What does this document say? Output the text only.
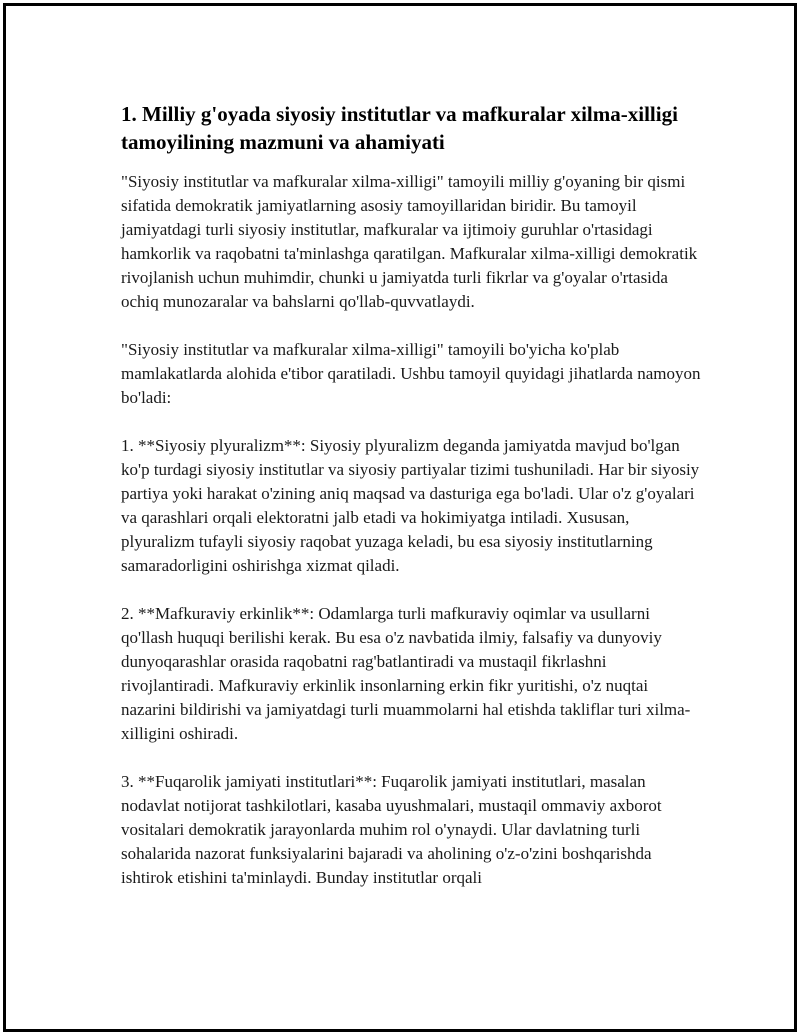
1. Milliy g'oyada siyosiy institutlar va mafkuralar xilma-xilligi tamoyilining mazmuni va ahamiyati

"Siyosiy institutlar va mafkuralar xilma-xilligi" tamoyili milliy g'oyaning bir qismi sifatida demokratik jamiyatlarning asosiy tamoyillaridan biridir. Bu tamoyil jamiyatdagi turli siyosiy institutlar, mafkuralar va ijtimoiy guruhlar o'rtasidagi hamkorlik va raqobatni ta'minlashga qaratilgan. Mafkuralar xilma-xilligi demokratik rivojlanish uchun muhimdir, chunki u jamiyatda turli fikrlar va g'oyalar o'rtasida ochiq munozaralar va bahslarni qo'llab-quvvatlaydi.

"Siyosiy institutlar va mafkuralar xilma-xilligi" tamoyili bo'yicha ko'plab mamlakatlarda alohida e'tibor qaratiladi. Ushbu tamoyil quyidagi jihatlarda namoyon bo'ladi:

1. **Siyosiy plyuralizm**: Siyosiy plyuralizm deganda jamiyatda mavjud bo'lgan ko'p turdagi siyosiy institutlar va siyosiy partiyalar tizimi tushuniladi. Har bir siyosiy partiya yoki harakat o'zining aniq maqsad va dasturiga ega bo'ladi. Ular o'z g'oyalari va qarashlari orqali elektoratni jalb etadi va hokimiyatga intiladi. Xususan, plyuralizm tufayli siyosiy raqobat yuzaga keladi, bu esa siyosiy institutlarning samaradorligini oshirishga xizmat qiladi.

2. **Mafkuraviy erkinlik**: Odamlarga turli mafkuraviy oqimlar va usullarni qo'llash huquqi berilishi kerak. Bu esa o'z navbatida ilmiy, falsafiy va dunyoviy dunyoqarashlar orasida raqobatni rag'batlantiradi va mustaqil fikrlashni rivojlantiradi. Mafkuraviy erkinlik insonlarning erkin fikr yuritishi, o'z nuqtai nazarini bildirishi va jamiyatdagi turli muammolarni hal etishda takliflar turi xilma-xilligini oshiradi.

3. **Fuqarolik jamiyati institutlari**: Fuqarolik jamiyati institutlari, masalan nodavlat notijorat tashkilotlari, kasaba uyushmalari, mustaqil ommaviy axborot vositalari demokratik jarayonlarda muhim rol o'ynaydi. Ular davlatning turli sohalarida nazorat funksiyalarini bajaradi va aholining o'z-o'zini boshqarishda ishtirok etishini ta'minlaydi. Bunday institutlar orqali
